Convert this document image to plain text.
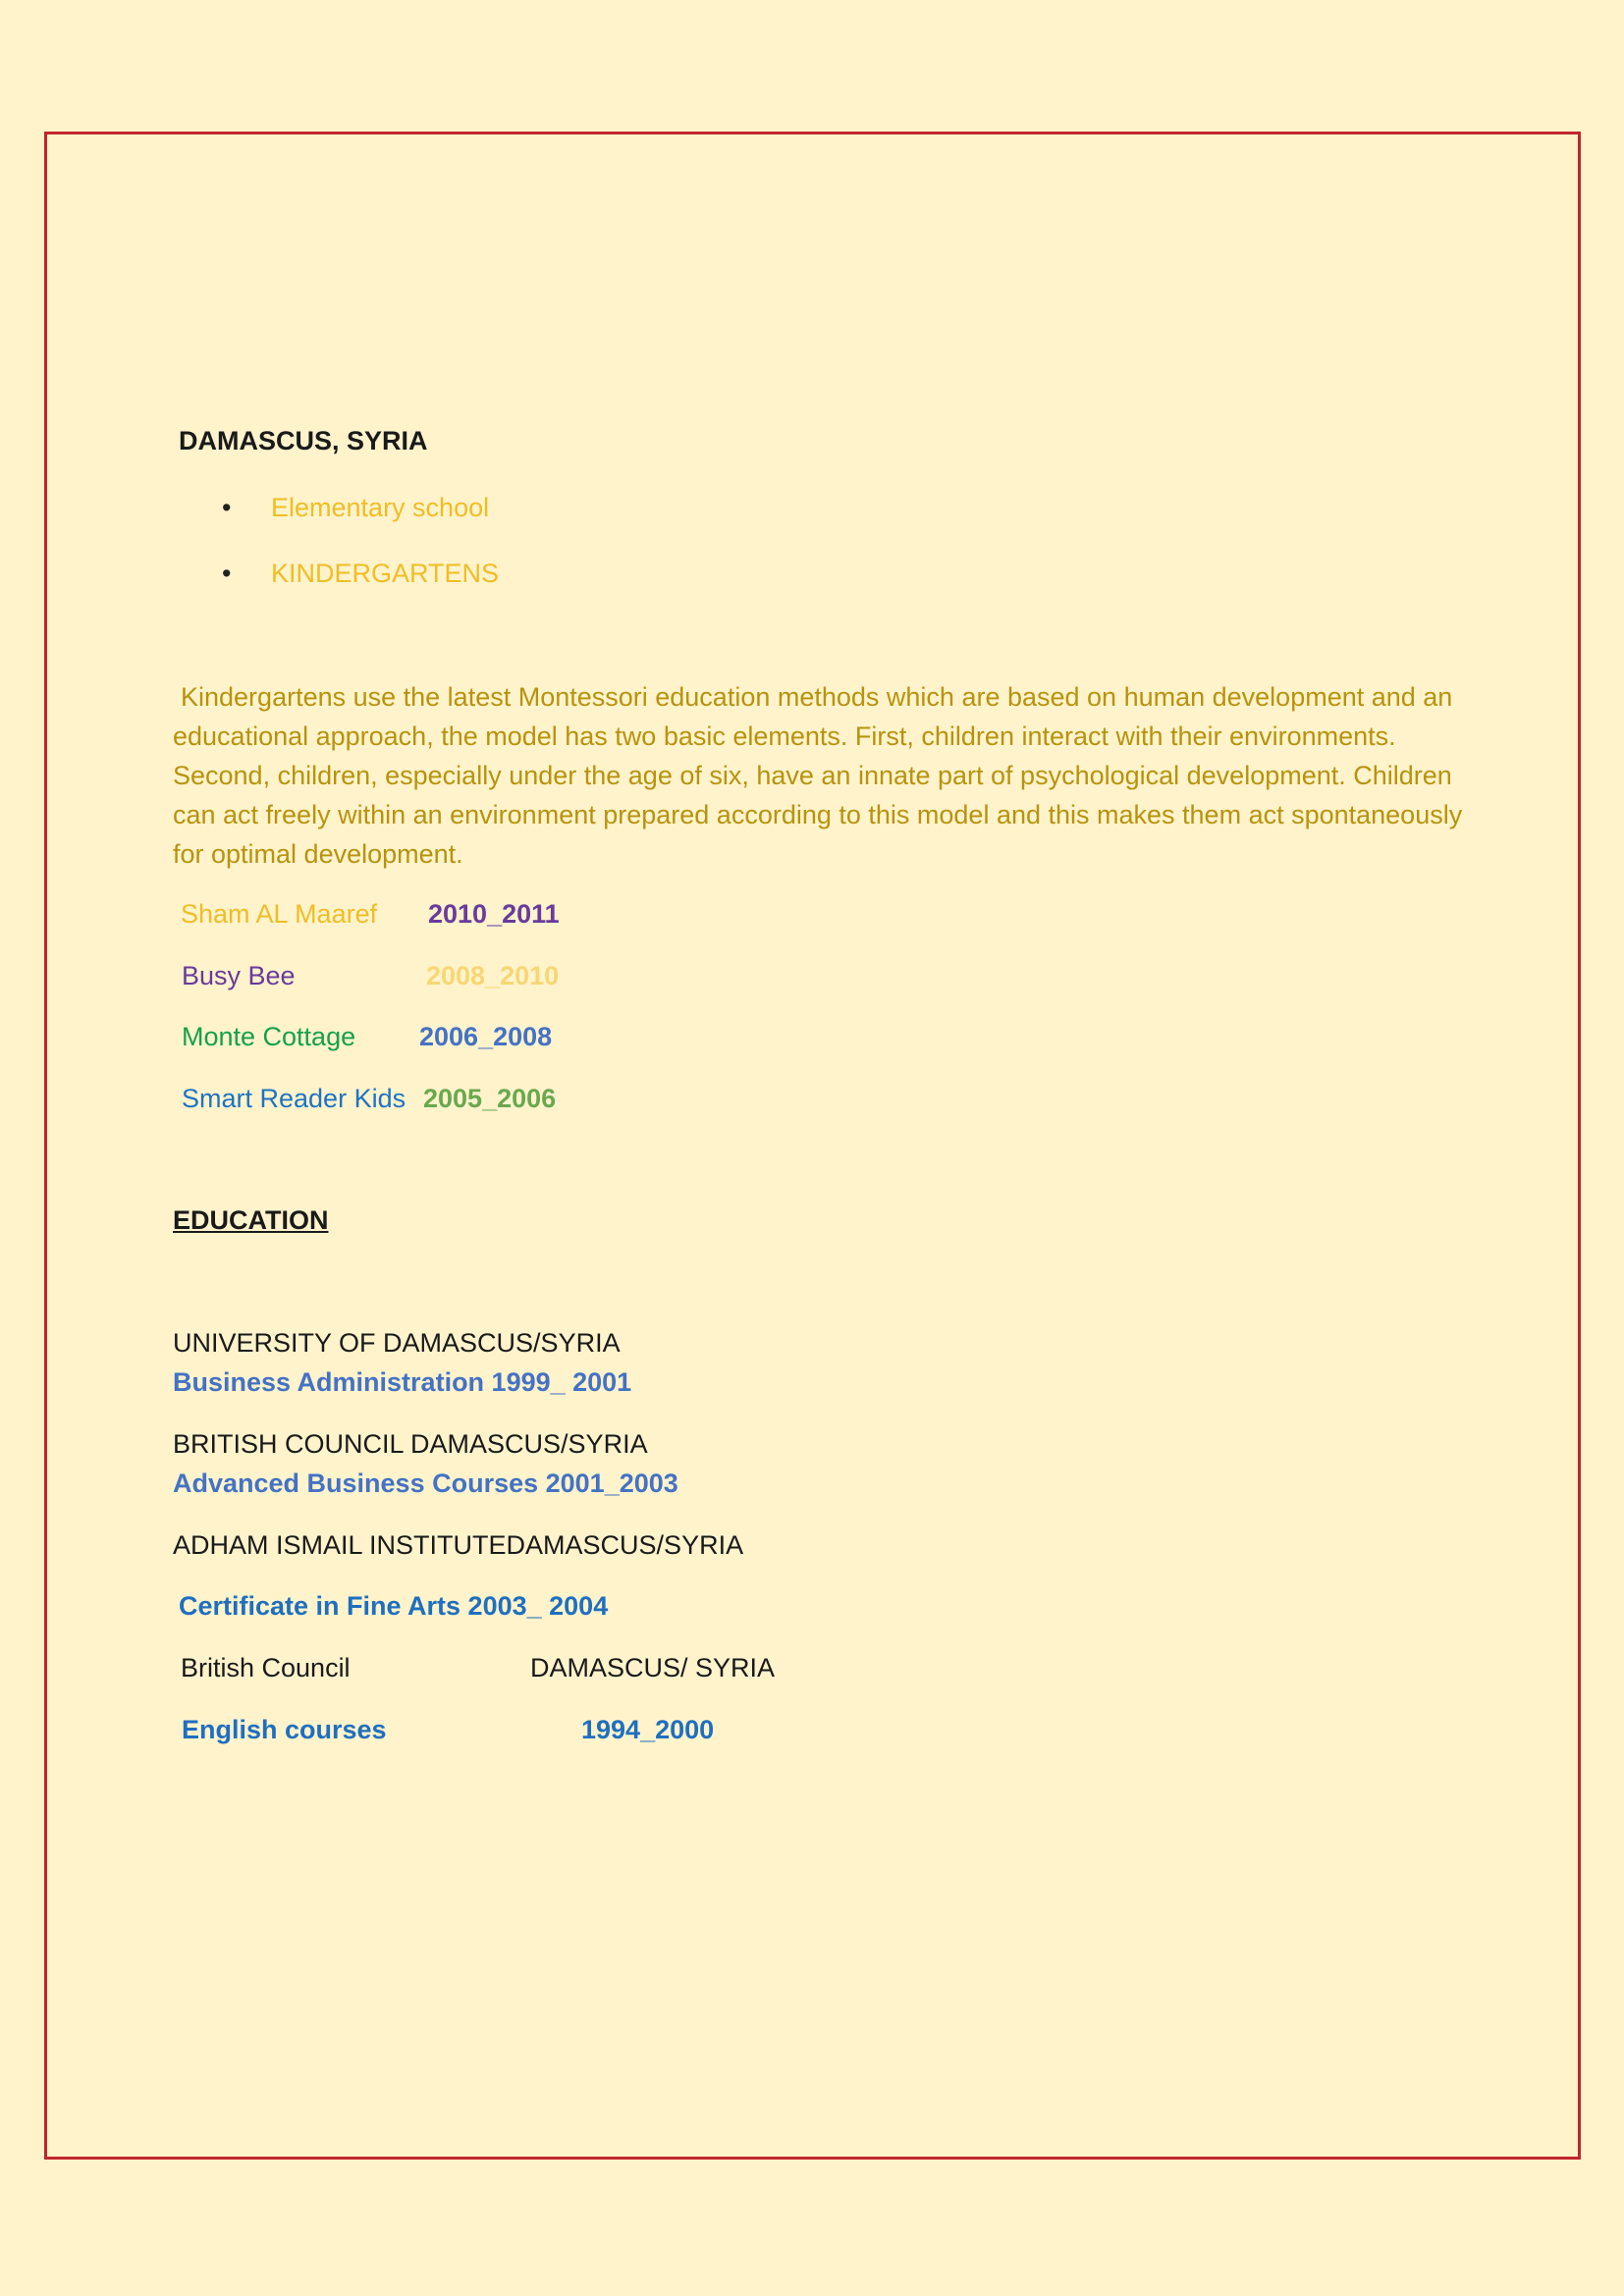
DAMASCUS, SYRIA
• Elementary school
• KINDERGARTENS
Kindergartens use the latest Montessori education methods which are based on human development and an educational approach, the model has two basic elements. First, children interact with their environments. Second, children, especially under the age of six, have an innate part of psychological development. Children can act freely within an environment prepared according to this model and this makes them act spontaneously for optimal development.
Sham AL Maaref 2010_2011
Busy Bee	2008_2010
Monte Cottage 2006_2008
Smart Reader Kids 2005_2006
EDUCATION
UNIVERSITY OF DAMASCUS/SYRIA
Business Administration 1999_ 2001
BRITISH COUNCIL DAMASCUS/SYRIA
Advanced Business Courses 2001_2003
ADHAM ISMAIL INSTITUTEDAMASCUS/SYRIA
Certificate in Fine Arts 2003_ 2004
British Council	DAMASCUS/ SYRIA
English courses	1994_2000
